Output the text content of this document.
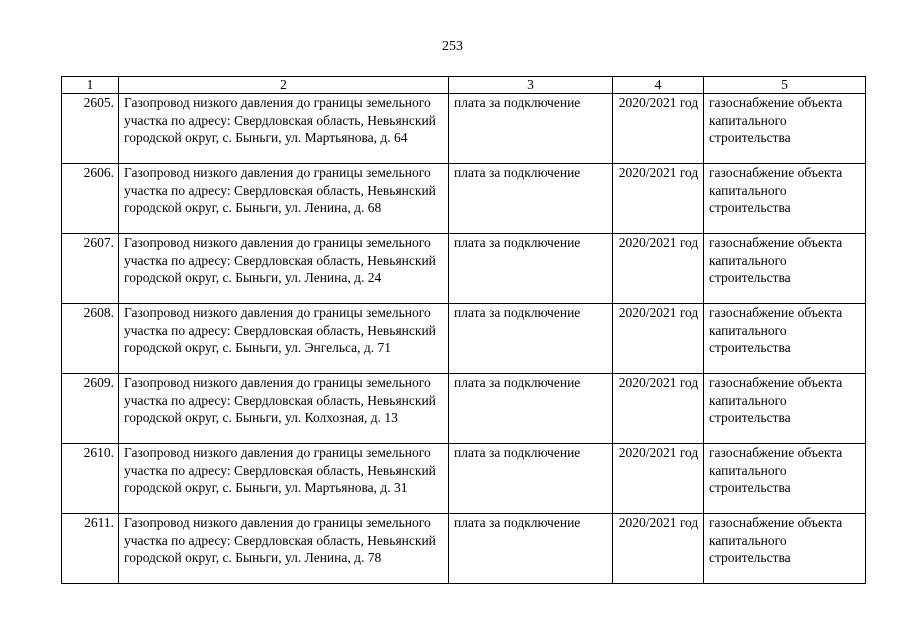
253
1	2	3	4	5
2605.	Газопровод низкого давления до границы земельного участка по адресу: Свердловская область, Невьянский городской округ, с. Быньги, ул. Мартьянова, д. 64	плата за подключение	2020/2021 год	газоснабжение объекта капитального строительства
2606.	Газопровод низкого давления до границы земельного участка по адресу: Свердловская область, Невьянский городской округ, с. Быньги, ул. Ленина, д. 68	плата за подключение	2020/2021 год	газоснабжение объекта капитального строительства
2607.	Газопровод низкого давления до границы земельного участка по адресу: Свердловская область, Невьянский городской округ, с. Быньги, ул. Ленина, д. 24	плата за подключение	2020/2021 год	газоснабжение объекта капитального строительства
2608.	Газопровод низкого давления до границы земельного участка по адресу: Свердловская область, Невьянский городской округ, с. Быньги, ул. Энгельса, д. 71	плата за подключение	2020/2021 год	газоснабжение объекта капитального строительства
2609.	Газопровод низкого давления до границы земельного участка по адресу: Свердловская область, Невьянский городской округ, с. Быньги, ул. Колхозная, д. 13	плата за подключение	2020/2021 год	газоснабжение объекта капитального строительства
2610.	Газопровод низкого давления до границы земельного участка по адресу: Свердловская область, Невьянский городской округ, с. Быньги, ул. Мартьянова, д. 31	плата за подключение	2020/2021 год	газоснабжение объекта капитального строительства
2611.	Газопровод низкого давления до границы земельного участка по адресу: Свердловская область, Невьянский городской округ, с. Быньги, ул. Ленина, д. 78	плата за подключение	2020/2021 год	газоснабжение объекта капитального строительства
